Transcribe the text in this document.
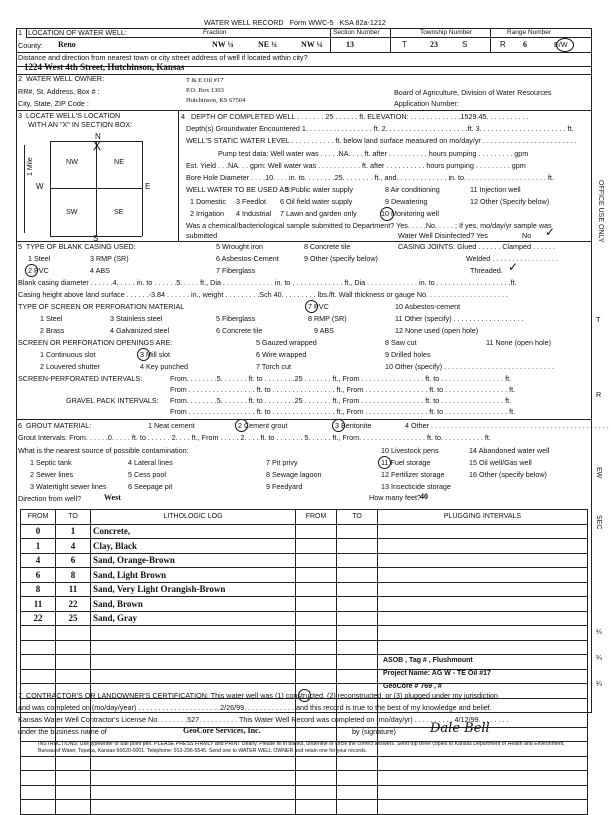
WATER WELL RECORD Form WWC-5 KSA 82a-1212
1 LOCATION OF WATER WELL:	Fraction	Section Number	Township Number	Range Number
County: Reno	NW ¼	NE ¼	NW ¼	13	T	23	S	R 6	E/W
Distance and direction from nearest town or city street address of well if located within city?
1224 West 4th Street, Hutchinson, Kansas
2 WATER WELL OWNER:	T & E Oil #17
RR#, St. Address, Box # :	P.O. Box 1303
City, State, ZIP Code :	Hutchinson, KS 67504
Board of Agriculture, Division of Water Resources
Application Number:
3 LOCATE WELL'S LOCATION
WITH AN "X" IN SECTION BOX:
N
S
W	E
X
NW	NE
SW	SE
1 Mile
4 DEPTH OF COMPLETED WELL . . . . . . . 25 . . . . . . ft. ELEVATION: . . . . . . . . . . . . .1529.45. . . . . . . . . . .
Depth(s) Groundwater Encountered 1. . . . . . . . . . . . . . . . . ft. 2. . . . . . . . . . . . . . . . . . . . .ft. 3. . . . . . . . . . . . . . . . . . . . . . ft.
WELL'S STATIC WATER LEVEL . . . . . . . . . . . ft. below land surface measured on mo/day/yr . . . . . . . . . . . . . . . . . . . . . . . .
Pump test data: Well water was . . . . .NA. . . . ft. after . . . . . . . . . . hours pumping . . . . . . . . . gpm
Est. Yield . . .NA. . . gpm: Well water was . . . . . . . . . . . ft. after . . . . . . . . . . hours pumping . . . . . . . . . gpm
Bore Hole Diameter . . . .10. . . . in. to. . . . . . . .25. . . . . . . . ft., and. . . . . . . . . . . . . in. to. . . . . . . . . . . . . . . . . . . . . ft.
WELL WATER TO BE USED AS:
5 Public water supply	8 Air conditioning	11 Injection well
1 Domestic 3 Feedlot 6 Oil field water supply	9 Dewatering	12 Other (Specify below)
2 Irrigation 4 Industrial 7 Lawn and garden only	10 Monitoring well
Was a chemical/bacteriological sample submitted to Department? Yes. . . . .No. . . . . ; If yes, mo/day/yr sample was
submitted	Water Well Disinfected? Yes	No ✓
5 TYPE OF BLANK CASING USED:	5 Wrought iron	8 Concrete tile	CASING JOINTS: Glued . . . . . . Clamped . . . . . .
1 Steel	3 RMP (SR)	6 Asbestos-Cement	9 Other (specify below)	Welded . . . . . . . . . . . . . . . . .
2 PVC	4 ABS	7 Fiberglass	Threaded. ✓
Blank casing diameter . . . . . .4. . . . . in. to . . . . . .5. . . . . ft., Dia . . . . . . . . . . . . . in. to . . . . . . . . . . . . . ft., Dia . . . . . . . . . . . . . in. to . . . . . . . . . . . . . . . . . . .ft.
Casing height above land surface . . . . . .-3.84 . . . . . . in., weight . . . . . . . . .Sch 40. . . . . . . . . lbs./ft. Wall thickness or gauge No. . . . . . . . . . . . . . . . . . . . .
TYPE OF SCREEN OR PERFORATION MATERIAL	7 PVC	10 Asbestos-cement
1 Steel	3 Stainless steel	5 Fiberglass	8 RMP (SR)	11 Other (specify) . . . . . . . . . . . . . . . . . .
2 Brass	4 Galvanized steel	6 Concrete tile	9 ABS	12 None used (open hole)
SCREEN OR PERFORATION OPENINGS ARE:	5 Gauzed wrapped	8 Saw cut	11 None (open hole)
1 Continuous slot	3 Mill slot	6 Wire wrapped	9 Drilled holes
2 Louvered shutter	4 Key punched	7 Torch cut	10 Other (specify) . . . . . . . . . . . . . . . . . . . . . . . . . . . .
SCREEN-PERFORATED INTERVALS:	From. . . . . . . .5. . . . . . . ft. to . . . . . . . .25 . . . . . . . ft., From . . . . . . . . . . . . . . . . ft. to . . . . . . . . . . . . . . . . ft.
From . . . . . . . . . . . . . . . . . ft. to . . . . . . . . . . . . . . . . ft., From . . . . . . . . . . . . . . . . ft. to . . . . . . . . . . . . . . . . ft.
GRAVEL PACK INTERVALS: From. . . . . . . .5. . . . . . . ft. to . . . . . . . .25 . . . . . . . ft., From . . . . . . . . . . . . . . . . ft. to . . . . . . . . . . . . . . . . ft.
From . . . . . . . . . . . . . . . . . ft. to . . . . . . . . . . . . . . . . ft., From . . . . . . . . . . . . . . . . ft. to . . . . . . . . . . . . . . . . ft.
6 GROUT MATERIAL:	1 Neat cement	2 Cement grout	3 Bentonite	4 Other . . . . . . . . . . . . . . . . . . . . . . . . . . . . . . . . . . . . . . . . . . . . .
Grout Intervals: From. . . . . .0. . . . . ft. to . . . . . . 2. . . . ft., From . . . . . 2. . . . ft. to . . . . . . . 5. . . . . . ft., From. . . . . . . . . . . . . . . . . ft. to. . . . . . . . . . . ft.
What is the nearest source of possible contamination:	10 Livestock pens	14 Abandoned water well
1 Septic tank	4 Lateral lines	7 Pit privy	11 Fuel storage	15 Oil well/Gas well
2 Sewer lines	5 Cess pool	8 Sewage lagoon	12 Fertilizer storage	16 Other (specify below)
3 Watertight sewer lines	6 Seepage pit	9 Feedyard	13 Insecticide storage
Direction from well?	West	How many feet? 40
FROM	TO	LITHOLOGIC LOG	FROM	TO	PLUGGING INTERVALS
0	1	Concrete,			
1	4	Clay, Black			
4	6	Sand, Orange-Brown			
6	8	Sand, Light Brown			
8	11	Sand, Very Light Orangish-Brown			
11	22	Sand, Brown			
22	25	Sand, Gray			

ASOB , Tag # , Flushmount
Project Name: AG W - TE Oil #17
GeoCore # 769 , #
7 CONTRACTOR'S OR LANDOWNER'S CERTIFICATION: This water well was (1) constructed, (2) reconstructed, or (3) plugged under my jurisdiction
and was completed on (mo/day/year) . . . . . . . . . . . . . . . . . . . . .2/26/99. . . . . . . . . . . . . and this record is true to the best of my knowledge and belief.
Kansas Water Well Contractor's License No. . . . . . . .527. . . . . . . . . . This Water Well Record was completed on (mo/day/yr) . . . . . . . . . . 4/12/99. . . . . . . .
under the business name of	GeoCore Services, Inc.	by (signature)	Dale Bell
INSTRUCTIONS: Use typewriter or ball point pen. PLEASE PRESS FIRMLY and PRINT clearly. Please fill in blanks, underline or circle the correct answers. Send top three copies to Kansas Department of Health and Environment, Bureau of Water, Topeka, Kansas 66620-0001. Telephone: 913-296-5545. Send one to WATER WELL OWNER and retain one for your records.
OFFICE USE ONLY
T
R
EW
SEC
¼
¼
¼
